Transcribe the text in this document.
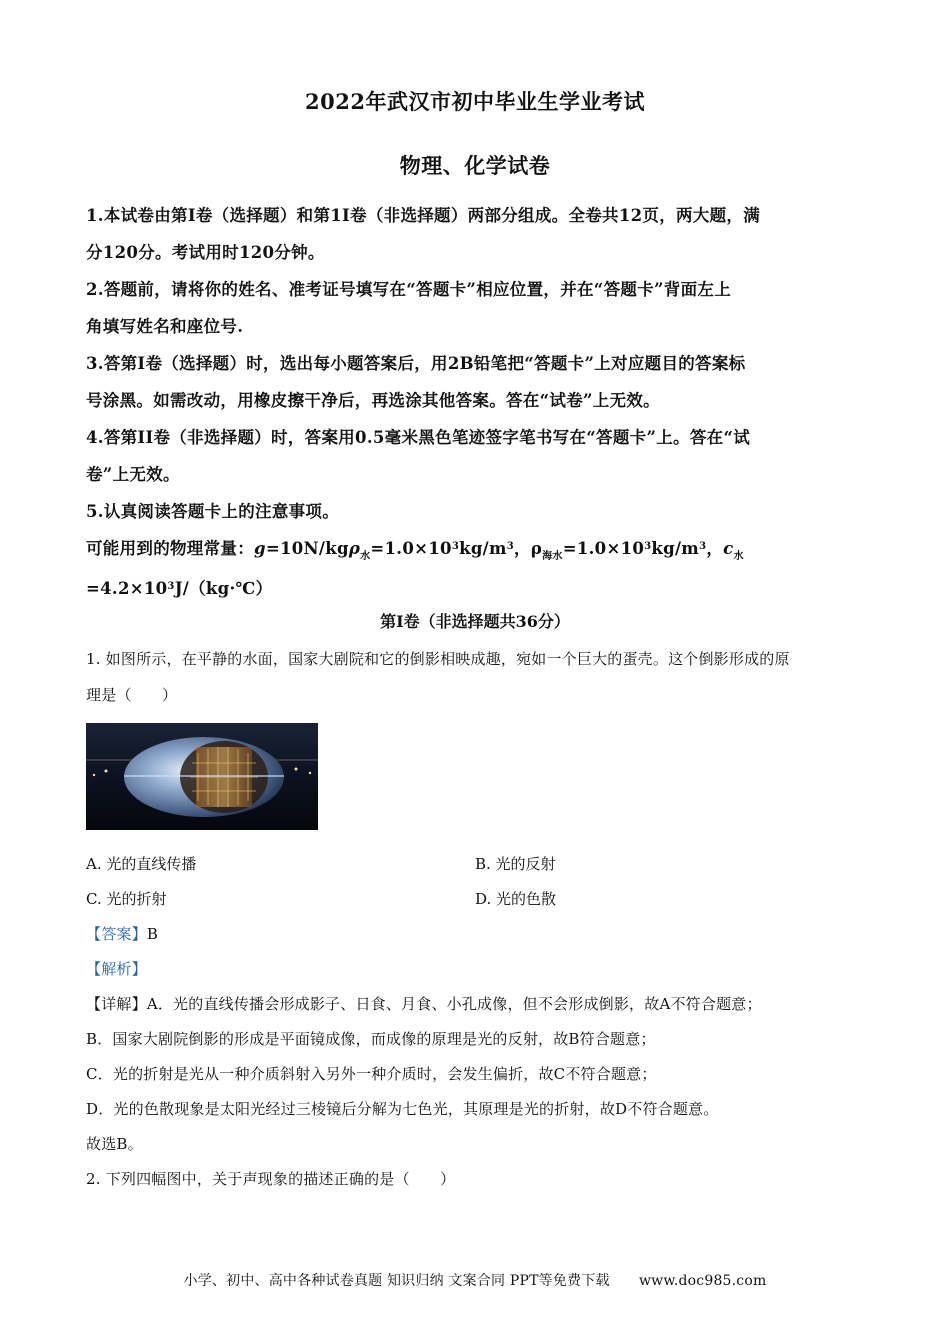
2022年武汉市初中毕业生学业考试
物理、化学试卷
1.本试卷由第I卷（选择题）和第1I卷（非选择题）两部分组成。全卷共12页，两大题，满
分120分。考试用时120分钟。
2.答题前，请将你的姓名、准考证号填写在“答题卡”相应位置，并在“答题卡”背面左上
角填写姓名和座位号.
3.答第I卷（选择题）时，选出每小题答案后，用2B铅笔把“答题卡”上对应题目的答案标
号涂黑。如需改动，用橡皮擦干净后，再选涂其他答案。答在“试卷”上无效。
4.答第II卷（非选择题）时，答案用0.5毫米黑色笔迹签字笔书写在“答题卡”上。答在“试
卷”上无效。
5.认真阅读答题卡上的注意事项。
可能用到的物理常量：$g=10N/kg\rho_水=1.0\times 10^3kg/m^3$，$\rho_{海水}=1.0\times 10^3kg/m^3$，$c_水$
$=4.2\times 10^3J/(kg\cdot℃)$
第I卷（非选择题共36分）
1. 如图所示，在平静的水面，国家大剧院和它的倒影相映成趣，宛如一个巨大的蛋壳。这个倒影形成的原
理是（　　）
A. 光的直线传播	B. 光的反射
C. 光的折射	D. 光的色散
【答案】B
【解析】
【详解】A．光的直线传播会形成影子、日食、月食、小孔成像，但不会形成倒影，故A不符合题意；
B．国家大剧院倒影的形成是平面镜成像，而成像的原理是光的反射，故B符合题意；
C．光的折射是光从一种介质斜射入另外一种介质时，会发生偏折，故C不符合题意；
D．光的色散现象是太阳光经过三棱镜后分解为七色光，其原理是光的折射，故D不符合题意。
故选B。
2. 下列四幅图中，关于声现象的描述正确的是（　　）
小学、初中、高中各种试卷真题 知识归纳 文案合同 PPT等免费下载 www.doc985.com
